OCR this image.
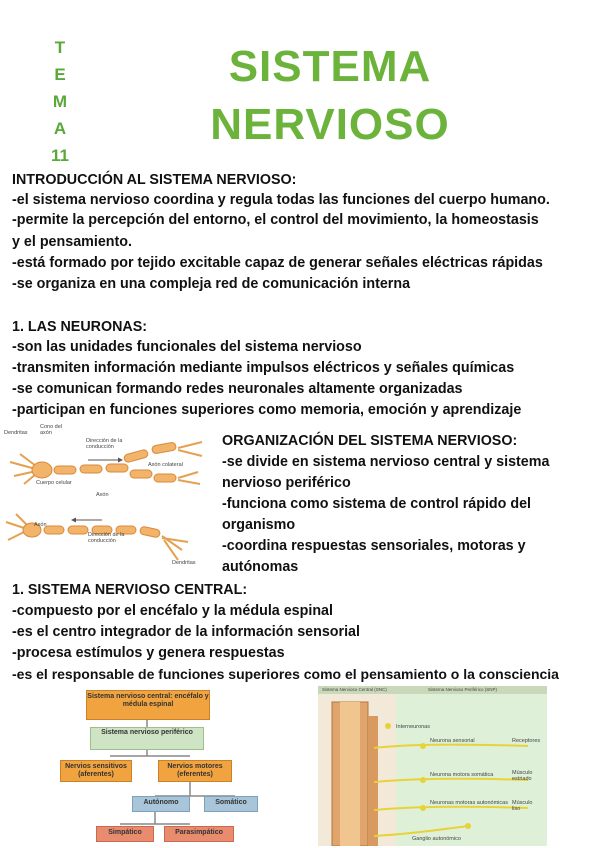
T
E
M
A
11
SISTEMA
NERVIOSO
INTRODUCCIÓN AL SISTEMA NERVIOSO:
-el sistema nervioso coordina y regula todas las funciones del cuerpo humano.
-permite la percepción del entorno, el control del movimiento, la homeostasis
y el pensamiento.
-está formado por tejido excitable capaz de generar señales eléctricas rápidas
-se organiza en una compleja red de comunicación interna
1. LAS NEURONAS:
-son las unidades funcionales del sistema nervioso
-transmiten información mediante impulsos eléctricos y señales químicas
-se comunican formando redes neuronales altamente organizadas
-participan en funciones superiores como memoria, emoción y aprendizaje
Dendritas
Cono del axón
Dirección de la conducción
Axón colateral
Cuerpo celular
Axón
Axón
Dirección de la conducción
Dendritas
ORGANIZACIÓN DEL SISTEMA NERVIOSO:
-se divide en sistema nervioso central y sistema
nervioso periférico
-funciona como sistema de control rápido del
organismo
-coordina respuestas sensoriales, motoras y
autónomas
1. SISTEMA NERVIOSO CENTRAL:
-compuesto por el encéfalo y la médula espinal
-es el centro integrador de la información sensorial
-procesa estímulos y genera respuestas
-es el responsable de funciones superiores como el pensamiento o la consciencia
Sistema nervioso central: encéfalo y médula espinal
Sistema nervioso periférico
Nervios sensitivos (aferentes)
Nervios motores (eferentes)
Autónomo	Somático
Simpático	Parasimpático
Sistema Nervioso Central (SNC)	Sistema Nervioso Periférico (SNP)
Interneuronas
Neurona sensorial	Receptores
Neurona motora somática	Músculo estriado
Neuronas motoras autonómicas Músculo liso
Ganglio autonómico
